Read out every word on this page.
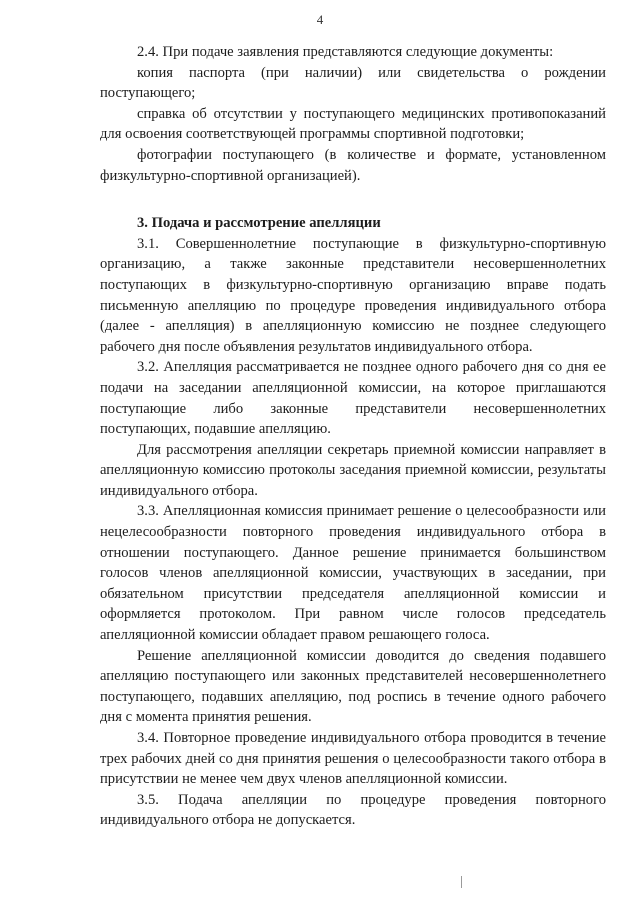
4

2.4. При подаче заявления представляются следующие документы:

копия паспорта (при наличии) или свидетельства о рождении поступающего;

справка об отсутствии у поступающего медицинских противопоказаний для освоения соответствующей программы спортивной подготовки;

фотографии поступающего (в количестве и формате, установленном физкультурно-спортивной организацией).

3. Подача и рассмотрение апелляции

3.1. Совершеннолетние поступающие в физкультурно-спортивную организацию, а также законные представители несовершеннолетних поступающих в физкультурно-спортивную организацию вправе подать письменную апелляцию по процедуре проведения индивидуального отбора (далее - апелляция) в апелляционную комиссию не позднее следующего рабочего дня после объявления результатов индивидуального отбора.

3.2. Апелляция рассматривается не позднее одного рабочего дня со дня ее подачи на заседании апелляционной комиссии, на которое приглашаются поступающие либо законные представители несовершеннолетних поступающих, подавшие апелляцию.

Для рассмотрения апелляции секретарь приемной комиссии направляет в апелляционную комиссию протоколы заседания приемной комиссии, результаты индивидуального отбора.

3.3. Апелляционная комиссия принимает решение о целесообразности или нецелесообразности повторного проведения индивидуального отбора в отношении поступающего. Данное решение принимается большинством голосов членов апелляционной комиссии, участвующих в заседании, при обязательном присутствии председателя апелляционной комиссии и оформляется протоколом. При равном числе голосов председатель апелляционной комиссии обладает правом решающего голоса.

Решение апелляционной комиссии доводится до сведения подавшего апелляцию поступающего или законных представителей несовершеннолетнего поступающего, подавших апелляцию, под роспись в течение одного рабочего дня с момента принятия решения.

3.4. Повторное проведение индивидуального отбора проводится в течение трех рабочих дней со дня принятия решения о целесообразности такого отбора в присутствии не менее чем двух членов апелляционной комиссии.

3.5. Подача апелляции по процедуре проведения повторного индивидуального отбора не допускается.
